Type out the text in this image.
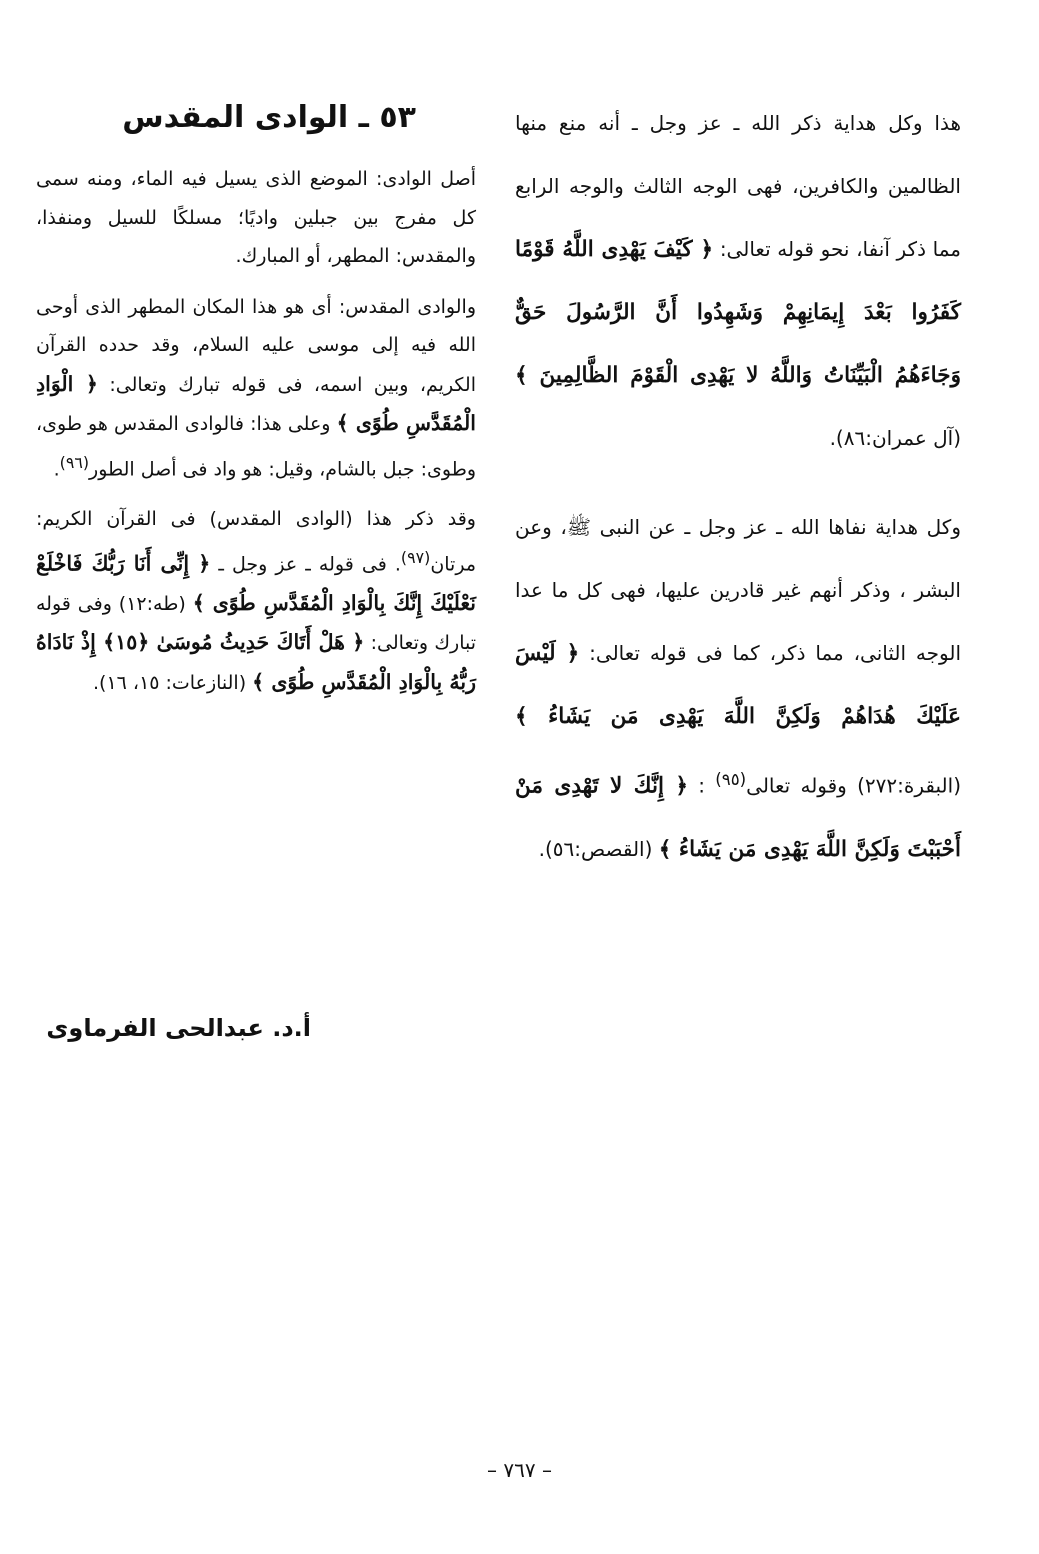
هذا وكل هداية ذكر الله ـ عز وجل ـ أنه منع منها الظالمين والكافرين، فهى الوجه الثالث والوجه الرابع مما ذكر آنفا، نحو قوله تعالى: ﴿ كَيْفَ يَهْدِى اللَّهُ قَوْمًا كَفَرُوا بَعْدَ إِيمَانِهِمْ وَشَهِدُوا أَنَّ الرَّسُولَ حَقٌّ وَجَاءَهُمُ الْبَيِّنَاتُ وَاللَّهُ لا يَهْدِى الْقَوْمَ الظَّالِمِينَ ﴾ (آل عمران:٨٦).

وكل هداية نفاها الله ـ عز وجل ـ عن النبى ﷺ، وعن البشر ، وذكر أنهم غير قادرين عليها، فهى كل ما عدا الوجه الثانى، مما ذكر، كما فى قوله تعالى: ﴿ لَيْسَ عَلَيْكَ هُدَاهُمْ وَلَكِنَّ اللَّهَ يَهْدِى مَن يَشَاءُ ﴾ (البقرة:٢٧٢) وقوله تعالى$^{(٩٥)}$ : ﴿ إِنَّكَ لا تَهْدِى مَنْ أَحْبَبْتَ وَلَكِنَّ اللَّهَ يَهْدِى مَن يَشَاءُ ﴾ (القصص:٥٦).

٥٣ ـ الوادى المقدس

أصل الوادى: الموضع الذى يسيل فيه الماء، ومنه سمى كل مفرج بين جبلين واديًا؛ مسلكًا للسيل ومنفذا، والمقدس: المطهر، أو المبارك.

والوادى المقدس: أى هو هذا المكان المطهر الذى أوحى الله فيه إلى موسى عليه السلام، وقد حدده القرآن الكريم، وبين اسمه، فى قوله تبارك وتعالى: ﴿ الْوَادِ الْمُقَدَّسِ طُوًى ﴾ وعلى هذا: فالوادى المقدس هو طوى، وطوى: جبل بالشام، وقيل: هو واد فى أصل الطور$^{(٩٦)}$.

وقد ذكر هذا (الوادى المقدس) فى القرآن الكريم: مرتان$^{(٩٧)}$. فى قوله ـ عز وجل ـ ﴿ إِنِّى أَنَا رَبُّكَ فَاخْلَعْ نَعْلَيْكَ إِنَّكَ بِالْوَادِ الْمُقَدَّسِ طُوًى ﴾ (طه:١٢) وفى قوله تبارك وتعالى: ﴿ هَلْ أَتَاكَ حَدِيثُ مُوسَىٰ ﴿١٥﴾ إِذْ نَادَاهُ رَبُّهُ بِالْوَادِ الْمُقَدَّسِ طُوًى ﴾ (النازعات: ١٥، ١٦).

أ.د. عبدالحى الفرماوى
– ٧٦٧ –
